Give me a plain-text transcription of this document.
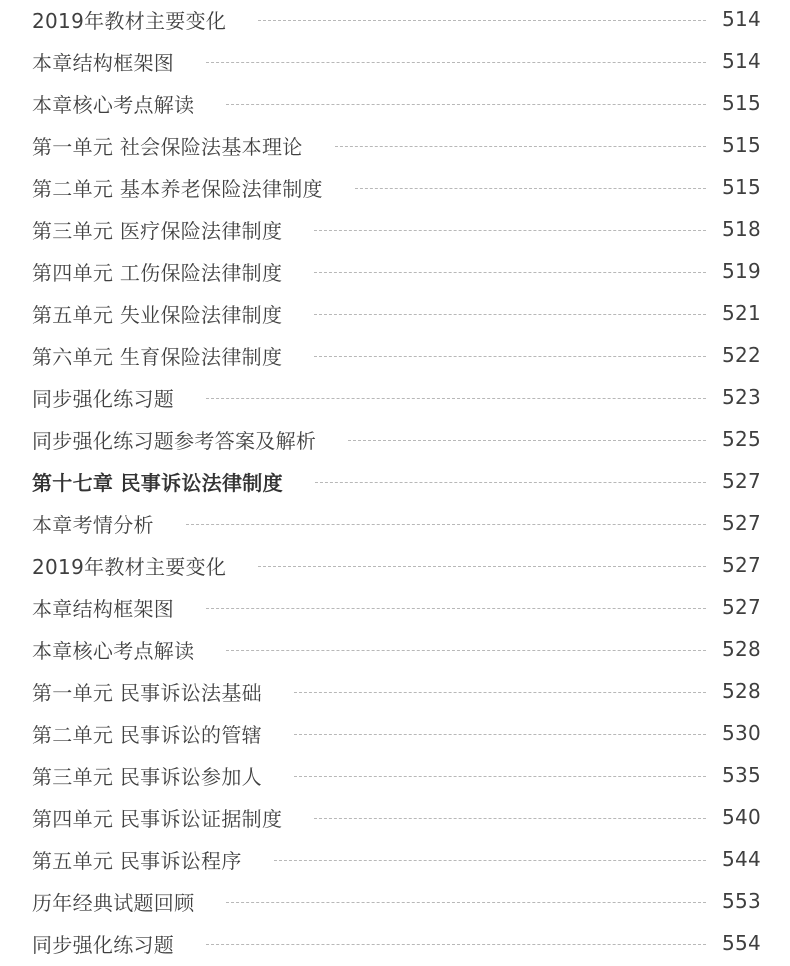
2019年教材主要变化	514
本章结构框架图	514
本章核心考点解读	515
第一单元 社会保险法基本理论	515
第二单元 基本养老保险法律制度	515
第三单元 医疗保险法律制度	518
第四单元 工伤保险法律制度	519
第五单元 失业保险法律制度	521
第六单元 生育保险法律制度	522
同步强化练习题	523
同步强化练习题参考答案及解析	525
第十七章 民事诉讼法律制度	527
本章考情分析	527
2019年教材主要变化	527
本章结构框架图	527
本章核心考点解读	528
第一单元 民事诉讼法基础	528
第二单元 民事诉讼的管辖	530
第三单元 民事诉讼参加人	535
第四单元 民事诉讼证据制度	540
第五单元 民事诉讼程序	544
历年经典试题回顾	553
同步强化练习题	554
